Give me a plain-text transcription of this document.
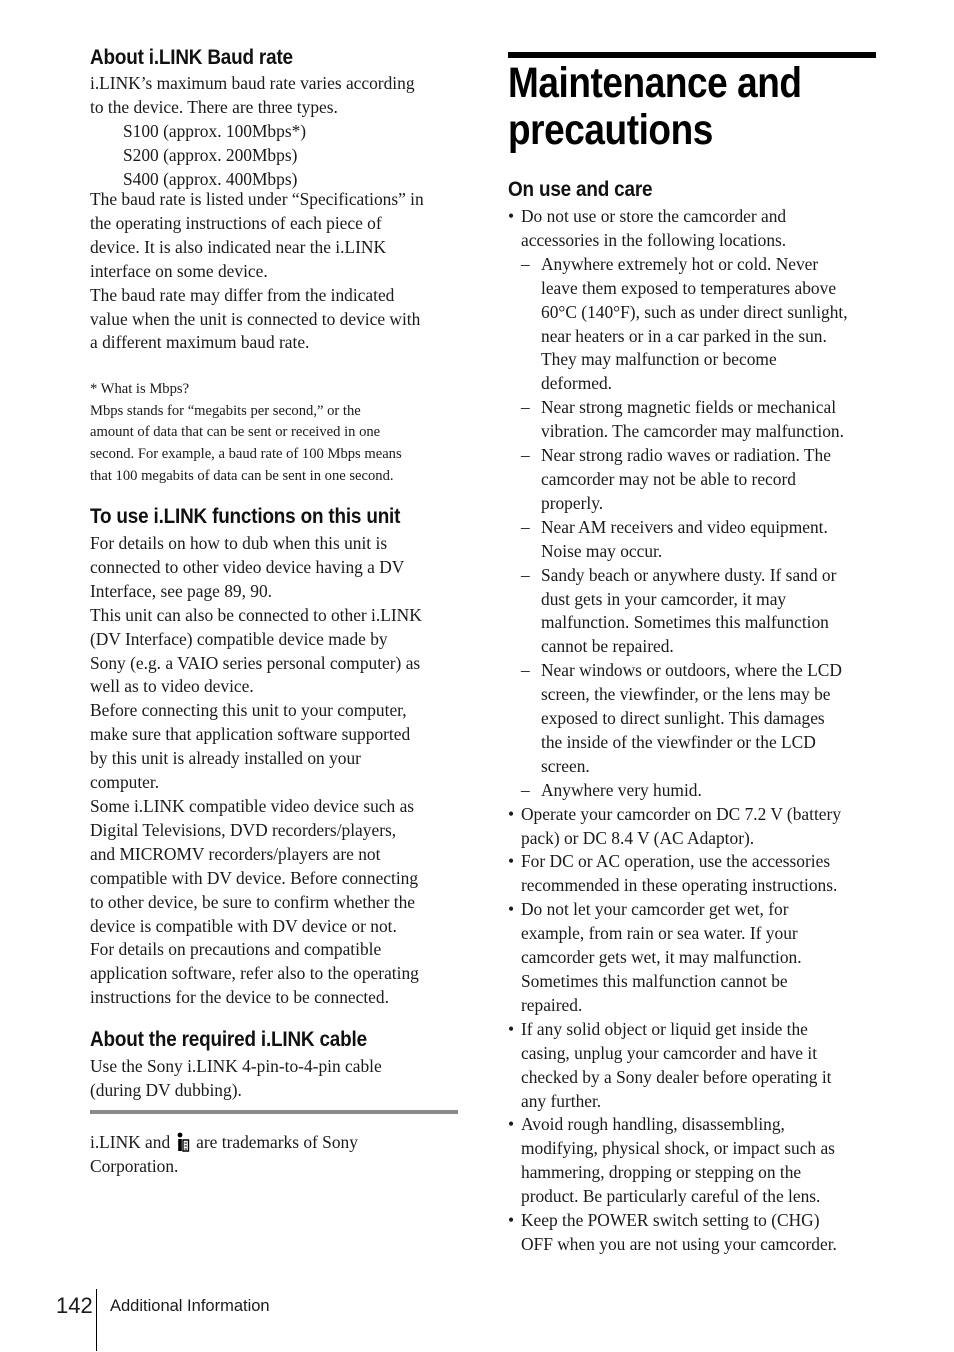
About i.LINK Baud rate
i.LINK’s maximum baud rate varies according
to the device. There are three types.
S100 (approx. 100Mbps*)
S200 (approx. 200Mbps)
S400 (approx. 400Mbps)
The baud rate is listed under “Specifications” in
the operating instructions of each piece of
device. It is also indicated near the i.LINK
interface on some device.
The baud rate may differ from the indicated
value when the unit is connected to device with
a different maximum baud rate.
* What is Mbps?
Mbps stands for “megabits per second,” or the
amount of data that can be sent or received in one
second. For example, a baud rate of 100 Mbps means
that 100 megabits of data can be sent in one second.
To use i.LINK functions on this unit
For details on how to dub when this unit is
connected to other video device having a DV
Interface, see page 89, 90.
This unit can also be connected to other i.LINK
(DV Interface) compatible device made by
Sony (e.g. a VAIO series personal computer) as
well as to video device.
Before connecting this unit to your computer,
make sure that application software supported
by this unit is already installed on your
computer.
Some i.LINK compatible video device such as
Digital Televisions, DVD recorders/players,
and MICROMV recorders/players are not
compatible with DV device. Before connecting
to other device, be sure to confirm whether the
device is compatible with DV device or not.
For details on precautions and compatible
application software, refer also to the operating
instructions for the device to be connected.
About the required i.LINK cable
Use the Sony i.LINK 4-pin-to-4-pin cable
(during DV dubbing).
i.LINK and are trademarks of Sony
Corporation.
Maintenance and
precautions
On use and care
• Do not use or store the camcorder and
accessories in the following locations.
– Anywhere extremely hot or cold. Never
leave them exposed to temperatures above
60°C (140°F), such as under direct sunlight,
near heaters or in a car parked in the sun.
They may malfunction or become
deformed.
– Near strong magnetic fields or mechanical
vibration. The camcorder may malfunction.
– Near strong radio waves or radiation. The
camcorder may not be able to record
properly.
– Near AM receivers and video equipment.
Noise may occur.
– Sandy beach or anywhere dusty. If sand or
dust gets in your camcorder, it may
malfunction. Sometimes this malfunction
cannot be repaired.
– Near windows or outdoors, where the LCD
screen, the viewfinder, or the lens may be
exposed to direct sunlight. This damages
the inside of the viewfinder or the LCD
screen.
– Anywhere very humid.
• Operate your camcorder on DC 7.2 V (battery
pack) or DC 8.4 V (AC Adaptor).
• For DC or AC operation, use the accessories
recommended in these operating instructions.
• Do not let your camcorder get wet, for
example, from rain or sea water. If your
camcorder gets wet, it may malfunction.
Sometimes this malfunction cannot be
repaired.
• If any solid object or liquid get inside the
casing, unplug your camcorder and have it
checked by a Sony dealer before operating it
any further.
• Avoid rough handling, disassembling,
modifying, physical shock, or impact such as
hammering, dropping or stepping on the
product. Be particularly careful of the lens.
• Keep the POWER switch setting to (CHG)
OFF when you are not using your camcorder.
142 Additional Information
